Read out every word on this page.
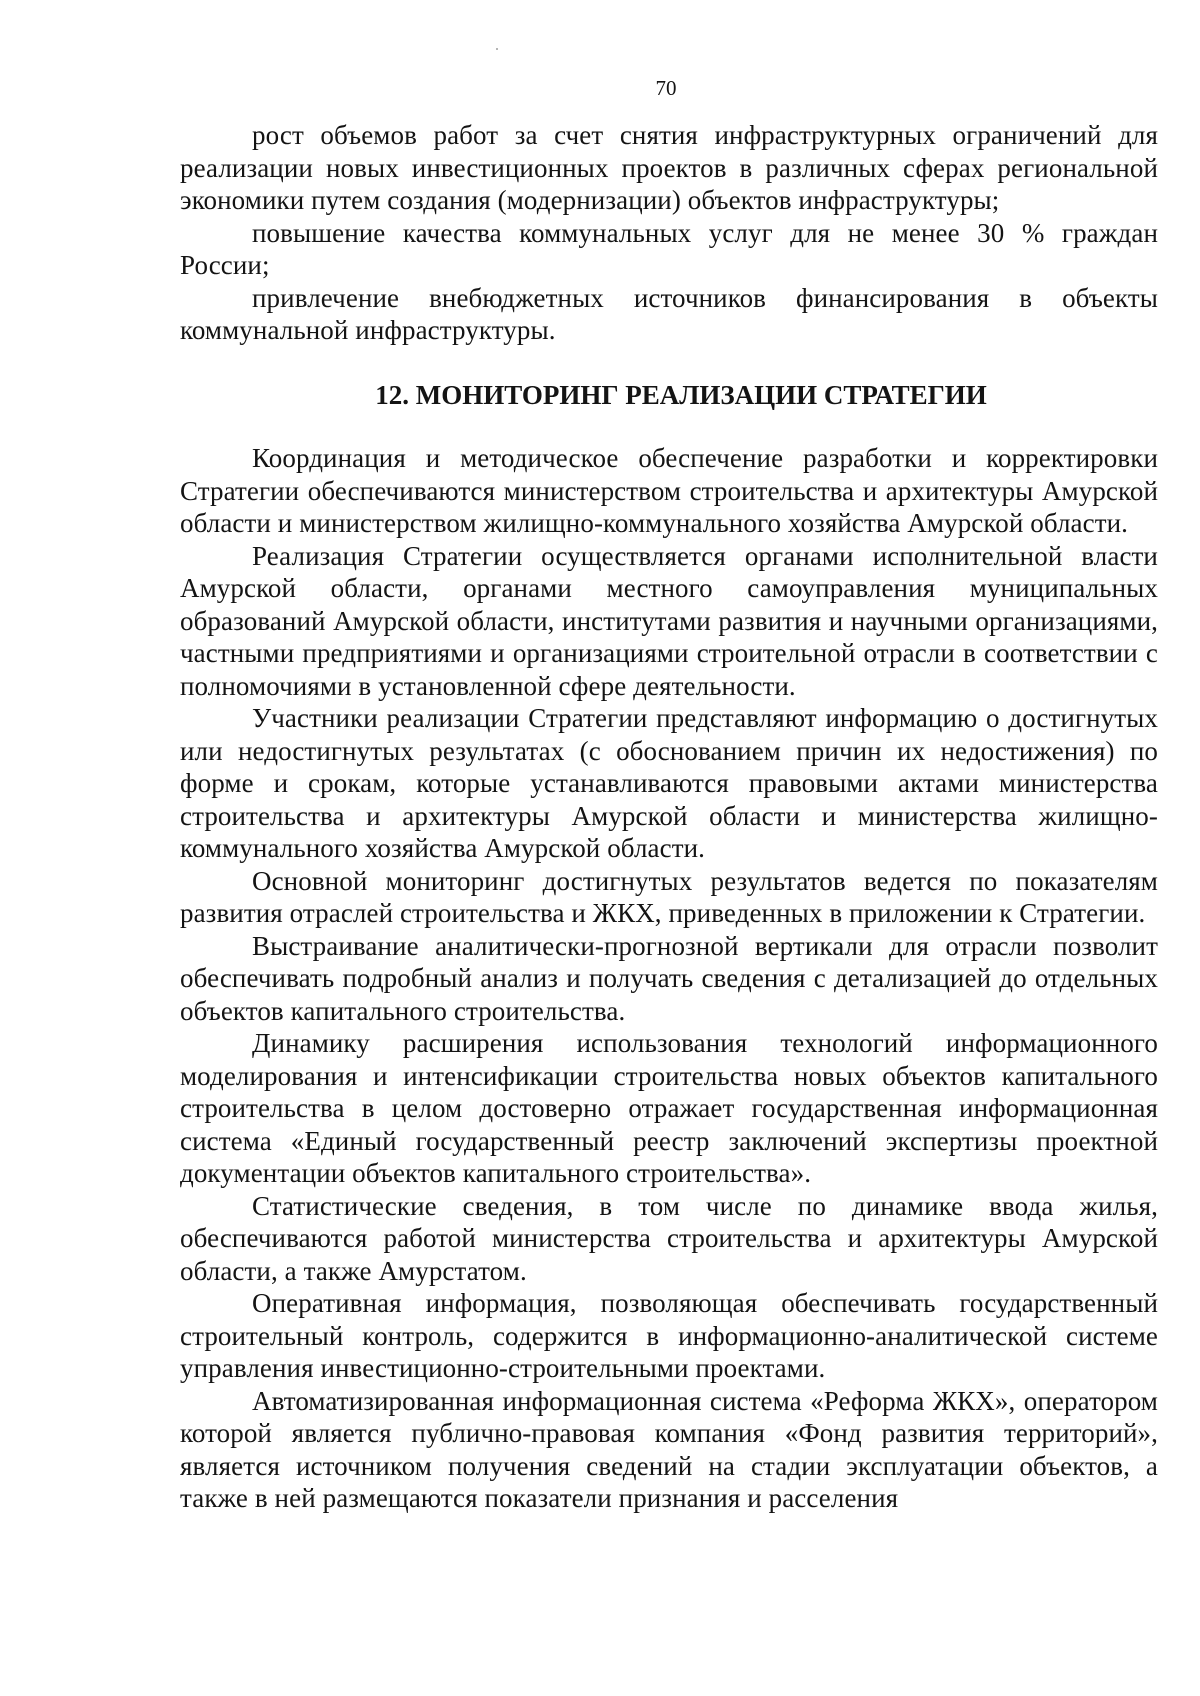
70

рост объемов работ за счет снятия инфраструктурных ограничений для реализации новых инвестиционных проектов в различных сферах региональной экономики путем создания (модернизации) объектов инфраструктуры;

повышение качества коммунальных услуг для не менее 30 % граждан России;

привлечение внебюджетных источников финансирования в объекты коммунальной инфраструктуры.

12. МОНИТОРИНГ РЕАЛИЗАЦИИ СТРАТЕГИИ

Координация и методическое обеспечение разработки и корректировки Стратегии обеспечиваются министерством строительства и архитектуры Амурской области и министерством жилищно-коммунального хозяйства Амурской области.

Реализация Стратегии осуществляется органами исполнительной власти Амурской области, органами местного самоуправления муниципальных образований Амурской области, институтами развития и научными организациями, частными предприятиями и организациями строительной отрасли в соответствии с полномочиями в установленной сфере деятельности.

Участники реализации Стратегии представляют информацию о достигнутых или недостигнутых результатах (с обоснованием причин их недостижения) по форме и срокам, которые устанавливаются правовыми актами министерства строительства и архитектуры Амурской области и министерства жилищно-коммунального хозяйства Амурской области.

Основной мониторинг достигнутых результатов ведется по показателям развития отраслей строительства и ЖКХ, приведенных в приложении к Стратегии.

Выстраивание аналитически-прогнозной вертикали для отрасли позволит обеспечивать подробный анализ и получать сведения с детализацией до отдельных объектов капитального строительства.

Динамику расширения использования технологий информационного моделирования и интенсификации строительства новых объектов капитального строительства в целом достоверно отражает государственная информационная система «Единый государственный реестр заключений экспертизы проектной документации объектов капитального строительства».

Статистические сведения, в том числе по динамике ввода жилья, обеспечиваются работой министерства строительства и архитектуры Амурской области, а также Амурстатом.

Оперативная информация, позволяющая обеспечивать государственный строительный контроль, содержится в информационно-аналитической системе управления инвестиционно-строительными проектами.

Автоматизированная информационная система «Реформа ЖКХ», оператором которой является публично-правовая компания «Фонд развития территорий», является источником получения сведений на стадии эксплуатации объектов, а также в ней размещаются показатели признания и расселения
